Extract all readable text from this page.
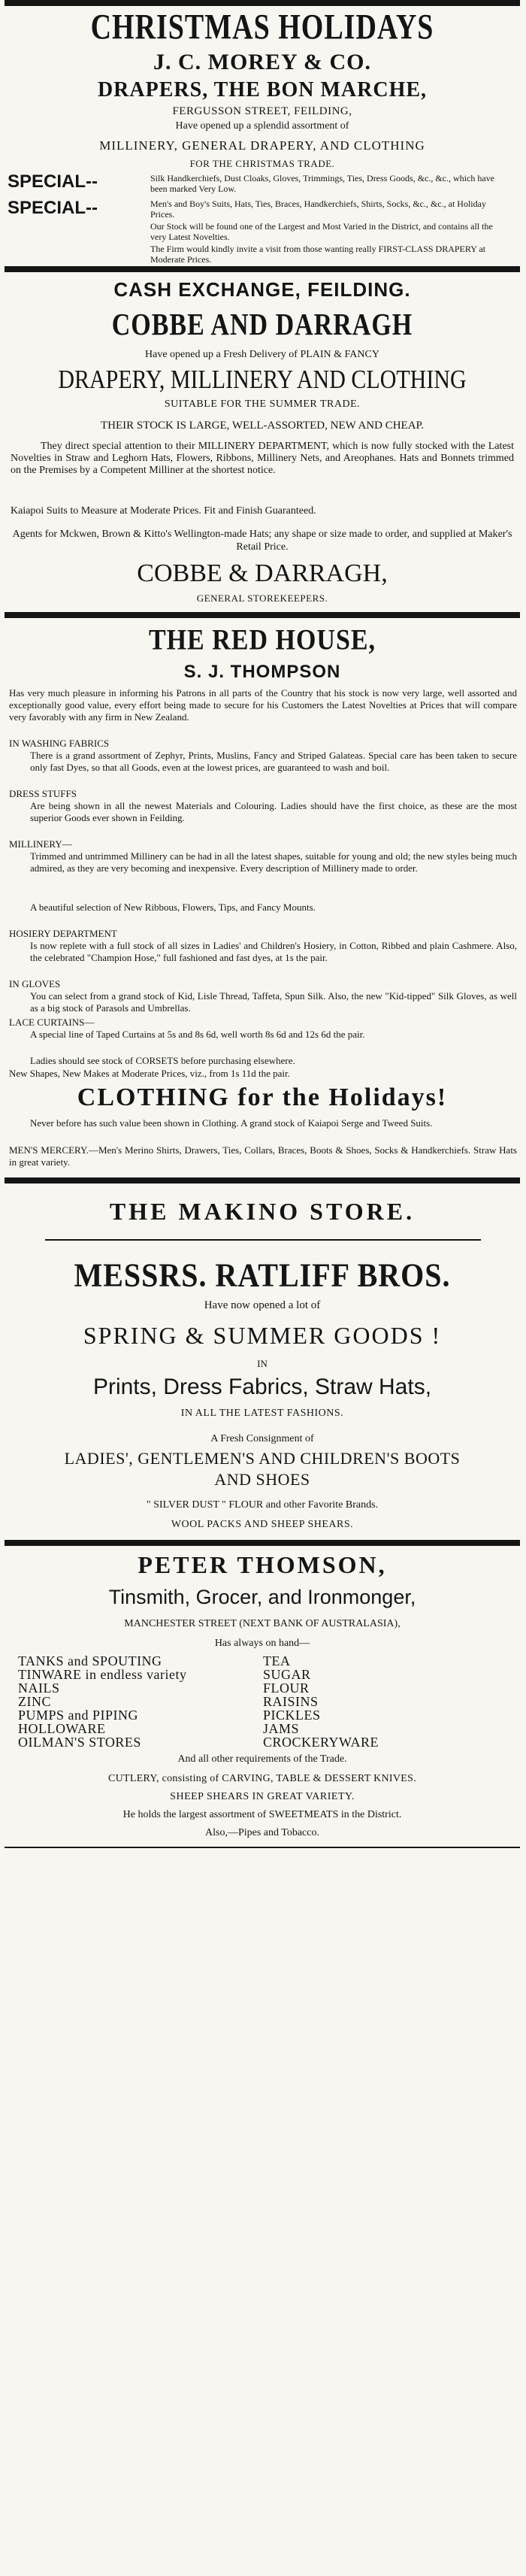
CHRISTMAS HOLIDAYS
J. C. MOREY & CO.
DRAPERS, THE BON MARCHE,
FERGUSSON STREET, FEILDING,
Have opened up a splendid assortment of
MILLINERY, GENERAL DRAPERY, AND CLOTHING
FOR THE CHRISTMAS TRADE.
SPECIAL--	Silk Handkerchiefs, Dust Cloaks, Gloves, Trimmings, Ties, Dress Goods, &c., &c., which have been marked Very Low.
SPECIAL--	Men's and Boy's Suits, Hats, Ties, Braces, Handkerchiefs, Shirts, Socks, &c., &c., at Holiday Prices.
Our Stock will be found one of the Largest and Most Varied in the District, and contains all the very Latest Novelties.
The Firm would kindly invite a visit from those wanting really FIRST-CLASS DRAPERY at Moderate Prices.
CASH EXCHANGE, FEILDING.
COBBE AND DARRAGH
Have opened up a Fresh Delivery of PLAIN & FANCY
DRAPERY, MILLINERY AND CLOTHING
SUITABLE FOR THE SUMMER TRADE.
THEIR STOCK IS LARGE, WELL-ASSORTED, NEW AND CHEAP.
They direct special attention to their MILLINERY DEPARTMENT, which is now fully stocked with the Latest Novelties in Straw and Leghorn Hats, Flowers, Ribbons, Millinery Nets, and Areophanes. Hats and Bonnets trimmed on the Premises by a Competent Milliner at the shortest notice.
Kaiapoi Suits to Measure at Moderate Prices. Fit and Finish Guaranteed.
Agents for Mckwen, Brown & Kitto's Wellington-made Hats; any shape or size made to order, and supplied at Maker's Retail Price.
COBBE & DARRAGH,
GENERAL STOREKEEPERS.
THE RED HOUSE,
S. J. THOMPSON
Has very much pleasure in informing his Patrons in all parts of the Country that his stock is now very large, well assorted and exceptionally good value, every effort being made to secure for his Customers the Latest Novelties at Prices that will compare very favorably with any firm in New Zealand.
IN WASHING FABRICS
There is a grand assortment of Zephyr, Prints, Muslins, Fancy and Striped Galateas. Special care has been taken to secure only fast Dyes, so that all Goods, even at the lowest prices, are guaranteed to wash and boil.
DRESS STUFFS
Are being shown in all the newest Materials and Colouring. Ladies should have the first choice, as these are the most superior Goods ever shown in Feilding.
MILLINERY—
Trimmed and untrimmed Millinery can be had in all the latest shapes, suitable for young and old; the new styles being much admired, as they are very becoming and inexpensive. Every description of Millinery made to order.
A beautiful selection of New Ribbous, Flowers, Tips, and Fancy Mounts.
HOSIERY DEPARTMENT
Is now replete with a full stock of all sizes in Ladies' and Children's Hosiery, in Cotton, Ribbed and plain Cashmere. Also, the celebrated "Champion Hose," full fashioned and fast dyes, at 1s the pair.
IN GLOVES
You can select from a grand stock of Kid, Lisle Thread, Taffeta, Spun Silk. Also, the new "Kid-tipped" Silk Gloves, as well as a big stock of Parasols and Umbrellas.
LACE CURTAINS—
A special line of Taped Curtains at 5s and 8s 6d, well worth 8s 6d and 12s 6d the pair.
Ladies should see stock of CORSETS before purchasing elsewhere.
New Shapes, New Makes at Moderate Prices, viz., from 1s 11d the pair.
CLOTHING for the Holidays!
Never before has such value been shown in Clothing. A grand stock of Kaiapoi Serge and Tweed Suits.
MEN'S MERCERY.—Men's Merino Shirts, Drawers, Ties, Collars, Braces, Boots & Shoes, Socks & Handkerchiefs. Straw Hats in great variety.
THE MAKINO STORE.
MESSRS. RATLIFF BROS.
Have now opened a lot of
SPRING & SUMMER GOODS !
IN
Prints, Dress Fabrics, Straw Hats,
IN ALL THE LATEST FASHIONS.
A Fresh Consignment of
LADIES', GENTLEMEN'S AND CHILDREN'S BOOTS
AND SHOES
" SILVER DUST " FLOUR and other Favorite Brands.
WOOL PACKS AND SHEEP SHEARS.
PETER THOMSON,
Tinsmith, Grocer, and Ironmonger,
MANCHESTER STREET (NEXT BANK OF AUSTRALASIA),
Has always on hand—
TANKS and SPOUTING
TINWARE in endless variety
NAILS
ZINC
PUMPS and PIPING
HOLLOWARE
OILMAN'S STORES
TEA
SUGAR
FLOUR
RAISINS
PICKLES
JAMS
CROCKERYWARE
And all other requirements of the Trade.
CUTLERY, consisting of CARVING, TABLE & DESSERT KNIVES.
SHEEP SHEARS IN GREAT VARIETY.
He holds the largest assortment of SWEETMEATS in the District.
Also,—Pipes and Tobacco.
